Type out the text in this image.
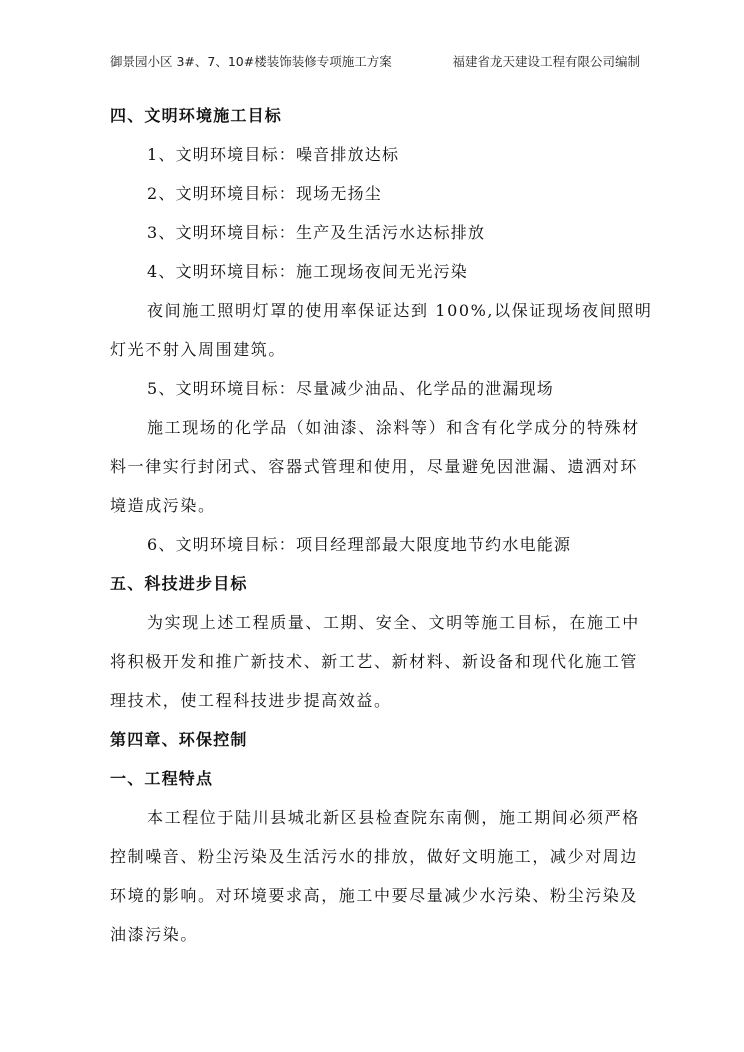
御景园小区 3#、7、10#楼装饰装修专项施工方案	福建省龙天建设工程有限公司编制
四、文明环境施工目标
1、文明环境目标：噪音排放达标
2、文明环境目标：现场无扬尘
3、文明环境目标：生产及生活污水达标排放
4、文明环境目标：施工现场夜间无光污染
夜间施工照明灯罩的使用率保证达到 100%,以保证现场夜间照明
灯光不射入周围建筑。
5、文明环境目标：尽量减少油品、化学品的泄漏现场
施工现场的化学品（如油漆、涂料等）和含有化学成分的特殊材
料一律实行封闭式、容器式管理和使用，尽量避免因泄漏、遗洒对环
境造成污染。
6、文明环境目标：项目经理部最大限度地节约水电能源
五、科技进步目标
为实现上述工程质量、工期、安全、文明等施工目标，在施工中
将积极开发和推广新技术、新工艺、新材料、新设备和现代化施工管
理技术，使工程科技进步提高效益。
第四章、环保控制
一、工程特点
本工程位于陆川县城北新区县检查院东南侧，施工期间必须严格
控制噪音、粉尘污染及生活污水的排放，做好文明施工，减少对周边
环境的影响。对环境要求高，施工中要尽量减少水污染、粉尘污染及
油漆污染。
